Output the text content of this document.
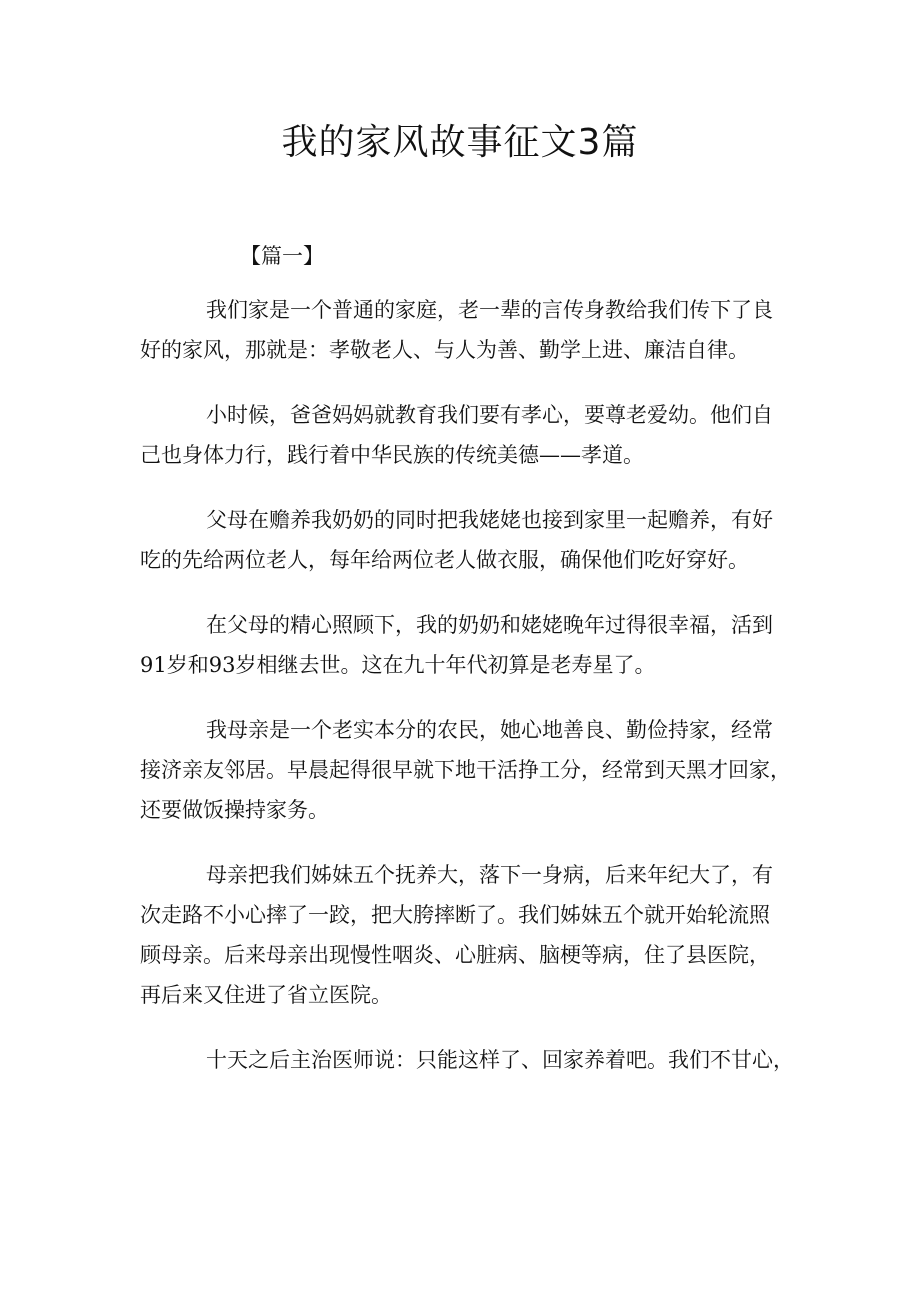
我的家风故事征文3篇

【篇一】

我们家是一个普通的家庭，老一辈的言传身教给我们传下了良
好的家风，那就是：孝敬老人、与人为善、勤学上进、廉洁自律。

小时候，爸爸妈妈就教育我们要有孝心，要尊老爱幼。他们自
己也身体力行，践行着中华民族的传统美德——孝道。

父母在赡养我奶奶的同时把我姥姥也接到家里一起赡养，有好
吃的先给两位老人，每年给两位老人做衣服，确保他们吃好穿好。

在父母的精心照顾下，我的奶奶和姥姥晚年过得很幸福，活到
91岁和93岁相继去世。这在九十年代初算是老寿星了。

我母亲是一个老实本分的农民，她心地善良、勤俭持家，经常
接济亲友邻居。早晨起得很早就下地干活挣工分，经常到天黑才回家，
还要做饭操持家务。

母亲把我们姊妹五个抚养大，落下一身病，后来年纪大了，有
次走路不小心摔了一跤，把大胯摔断了。我们姊妹五个就开始轮流照
顾母亲。后来母亲出现慢性咽炎、心脏病、脑梗等病，住了县医院，
再后来又住进了省立医院。

十天之后主治医师说：只能这样了、回家养着吧。我们不甘心，
